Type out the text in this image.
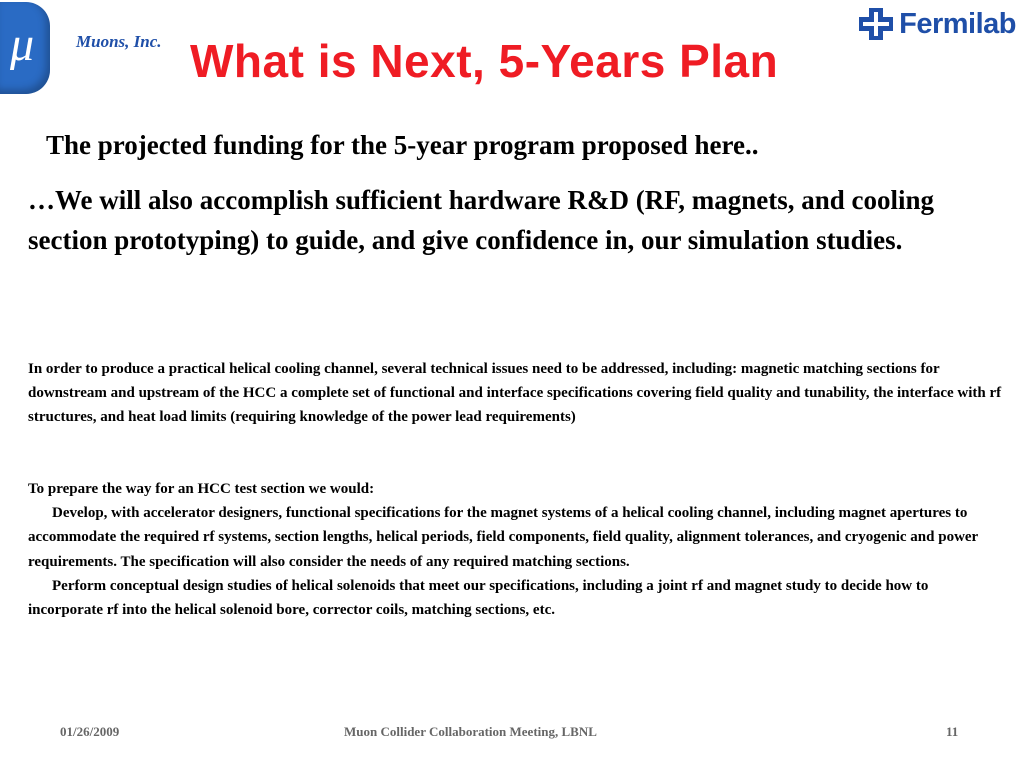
μ Muons, Inc. What is Next, 5-Years Plan
Fermilab

The projected funding for the 5-year program proposed here..

…We will also accomplish sufficient hardware R&D (RF, magnets, and cooling section prototyping) to guide, and give confidence in, our simulation studies.

In order to produce a practical helical cooling channel, several technical issues need to be addressed, including: magnetic matching sections for downstream and upstream of the HCC a complete set of functional and interface specifications covering field quality and tunability, the interface with rf structures, and heat load limits (requiring knowledge of the power lead requirements)

To prepare the way for an HCC test section we would:
Develop, with accelerator designers, functional specifications for the magnet systems of a helical cooling channel, including magnet apertures to accommodate the required rf systems, section lengths, helical periods, field components, field quality, alignment tolerances, and cryogenic and power requirements. The specification will also consider the needs of any required matching sections.
Perform conceptual design studies of helical solenoids that meet our specifications, including a joint rf and magnet study to decide how to incorporate rf into the helical solenoid bore, corrector coils, matching sections, etc.
01/26/2009	Muon Collider Collaboration Meeting, LBNL	11
